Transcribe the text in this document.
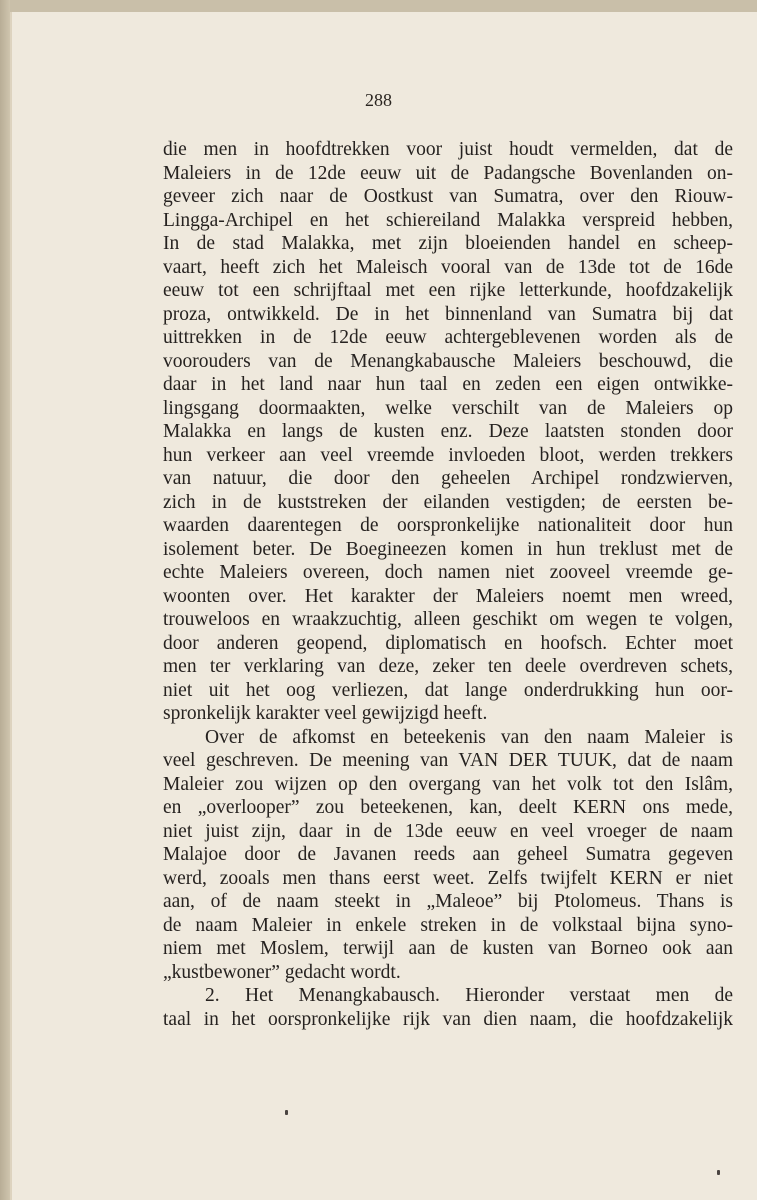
288
die men in hoofdtrekken voor juist houdt vermelden, dat de
Maleiers in de 12de eeuw uit de Padangsche Bovenlanden on-
geveer zich naar de Oostkust van Sumatra, over den Riouw-
Lingga-Archipel en het schiereiland Malakka verspreid hebben,
In de stad Malakka, met zijn bloeienden handel en scheep-
vaart, heeft zich het Maleisch vooral van de 13de tot de 16de
eeuw tot een schrijftaal met een rijke letterkunde, hoofdzakelijk
proza, ontwikkeld. De in het binnenland van Sumatra bij dat
uittrekken in de 12de eeuw achtergeblevenen worden als de
voorouders van de Menangkabausche Maleiers beschouwd, die
daar in het land naar hun taal en zeden een eigen ontwikke-
lingsgang doormaakten, welke verschilt van de Maleiers op
Malakka en langs de kusten enz. Deze laatsten stonden door
hun verkeer aan veel vreemde invloeden bloot, werden trekkers
van natuur, die door den geheelen Archipel rondzwierven,
zich in de kuststreken der eilanden vestigden; de eersten be-
waarden daarentegen de oorspronkelijke nationaliteit door hun
isolement beter. De Boegineezen komen in hun treklust met de
echte Maleiers overeen, doch namen niet zooveel vreemde ge-
woonten over. Het karakter der Maleiers noemt men wreed,
trouweloos en wraakzuchtig, alleen geschikt om wegen te volgen,
door anderen geopend, diplomatisch en hoofsch. Echter moet
men ter verklaring van deze, zeker ten deele overdreven schets,
niet uit het oog verliezen, dat lange onderdrukking hun oor-
spronkelijk karakter veel gewijzigd heeft.
Over de afkomst en beteekenis van den naam Maleier is
veel geschreven. De meening van VAN DER TUUK, dat de naam
Maleier zou wijzen op den overgang van het volk tot den Islâm,
en „overlooper” zou beteekenen, kan, deelt KERN ons mede,
niet juist zijn, daar in de 13de eeuw en veel vroeger de naam
Malajoe door de Javanen reeds aan geheel Sumatra gegeven
werd, zooals men thans eerst weet. Zelfs twijfelt KERN er niet
aan, of de naam steekt in „Maleoe” bij Ptolomeus. Thans is
de naam Maleier in enkele streken in de volkstaal bijna syno-
niem met Moslem, terwijl aan de kusten van Borneo ook aan
„kustbewoner” gedacht wordt.
2. Het Menangkabausch. Hieronder verstaat men de
taal in het oorspronkelijke rijk van dien naam, die hoofdzakelijk
